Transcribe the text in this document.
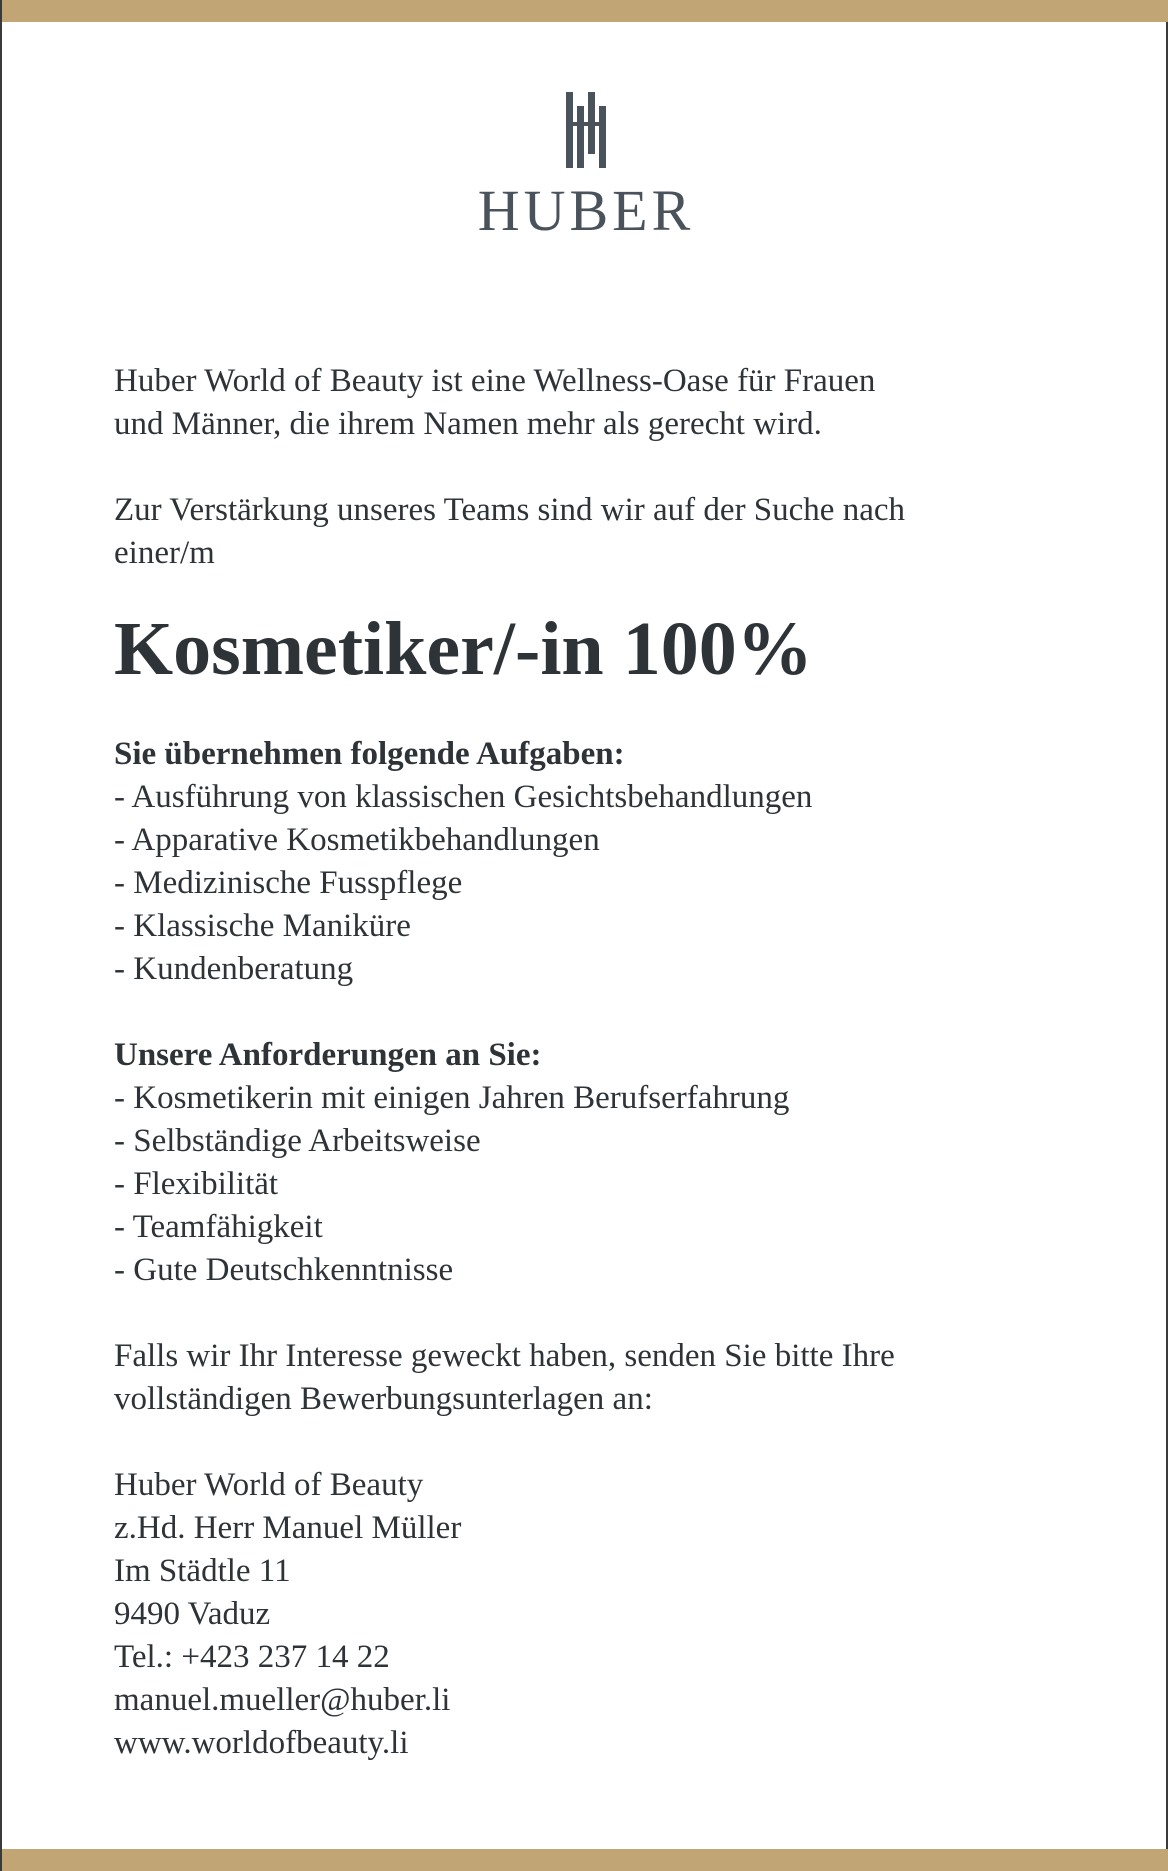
HUBER

Huber World of Beauty ist eine Wellness-Oase für Frauen
und Männer, die ihrem Namen mehr als gerecht wird.

Zur Verstärkung unseres Teams sind wir auf der Suche nach
einer/m

Kosmetiker/-in 100%

Sie übernehmen folgende Aufgaben:

- Ausführung von klassischen Gesichtsbehandlungen
- Apparative Kosmetikbehandlungen
- Medizinische Fusspflege
- Klassische Maniküre
- Kundenberatung

Unsere Anforderungen an Sie:

- Kosmetikerin mit einigen Jahren Berufserfahrung
- Selbständige Arbeitsweise
- Flexibilität
- Teamfähigkeit
- Gute Deutschkenntnisse

Falls wir Ihr Interesse geweckt haben, senden Sie bitte Ihre
vollständigen Bewerbungsunterlagen an:

Huber World of Beauty
z.Hd. Herr Manuel Müller
Im Städtle 11
9490 Vaduz
Tel.: +423 237 14 22
manuel.mueller@huber.li
www.worldofbeauty.li
